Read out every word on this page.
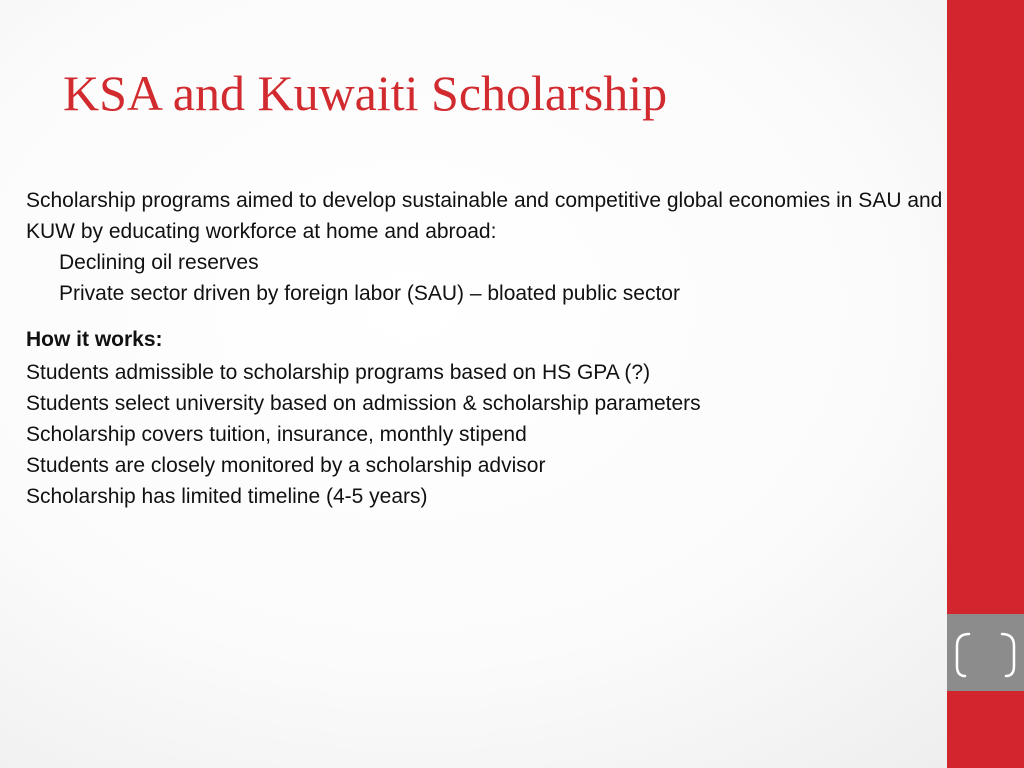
KSA and Kuwaiti Scholarship

Scholarship programs aimed to develop sustainable and competitive global economies in SAU and KUW by educating workforce at home and abroad:

Declining oil reserves

Private sector driven by foreign labor (SAU) – bloated public sector

How it works:

Students admissible to scholarship programs based on HS GPA (?)

Students select university based on admission & scholarship parameters

Scholarship covers tuition, insurance, monthly stipend

Students are closely monitored by a scholarship advisor

Scholarship has limited timeline (4-5 years)
